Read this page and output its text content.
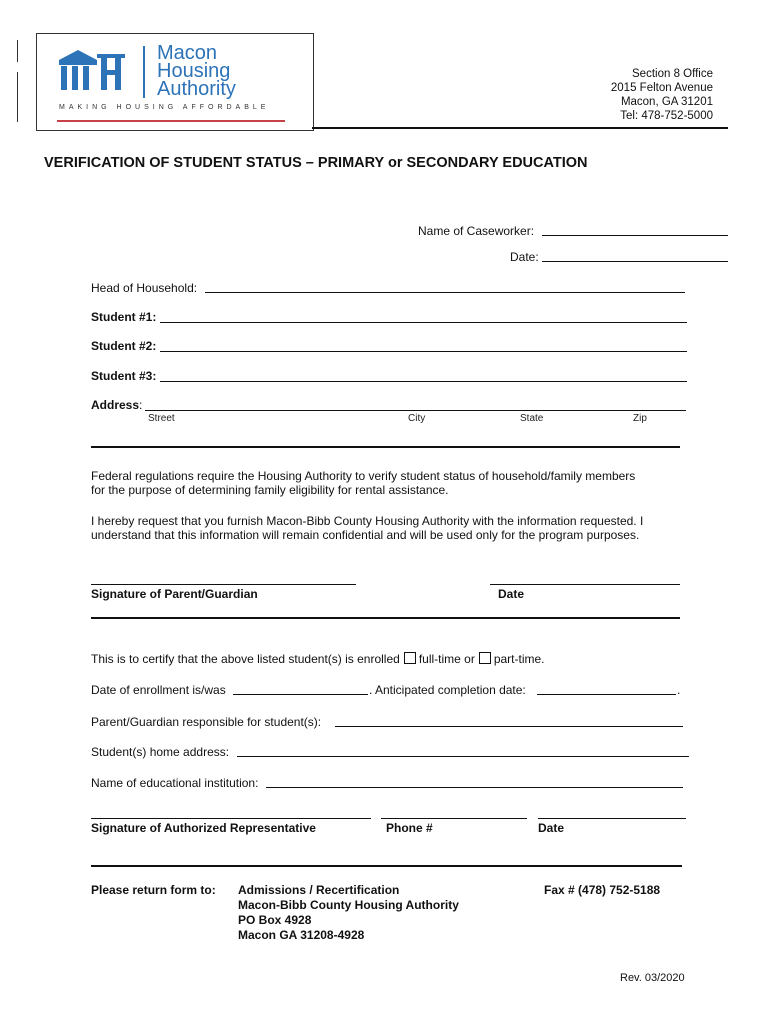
Macon
Housing
Authority
MAKING HOUSING AFFORDABLE
Section 8 Office
2015 Felton Avenue
Macon, GA 31201
Tel: 478-752-5000
VERIFICATION OF STUDENT STATUS – PRIMARY or SECONDARY EDUCATION
Name of Caseworker:
Date:
Head of Household:
Student #1:
Student #2:
Student #3:
Address:
Street	City	State	Zip
Federal regulations require the Housing Authority to verify student status of household/family members
for the purpose of determining family eligibility for rental assistance.
I hereby request that you furnish Macon-Bibb County Housing Authority with the information requested. I
understand that this information will remain confidential and will be used only for the program purposes.
Signature of Parent/Guardian	Date
This is to certify that the above listed student(s) is enrolled full-time or part-time.
Date of enrollment is/was	. Anticipated completion date:	.
Parent/Guardian responsible for student(s):
Student(s) home address:
Name of educational institution:
Signature of Authorized Representative	Phone #	Date
Please return form to: Admissions / Recertification
Macon-Bibb County Housing Authority
PO Box 4928
Macon GA 31208-4928
Fax # (478) 752-5188
Rev. 03/2020
